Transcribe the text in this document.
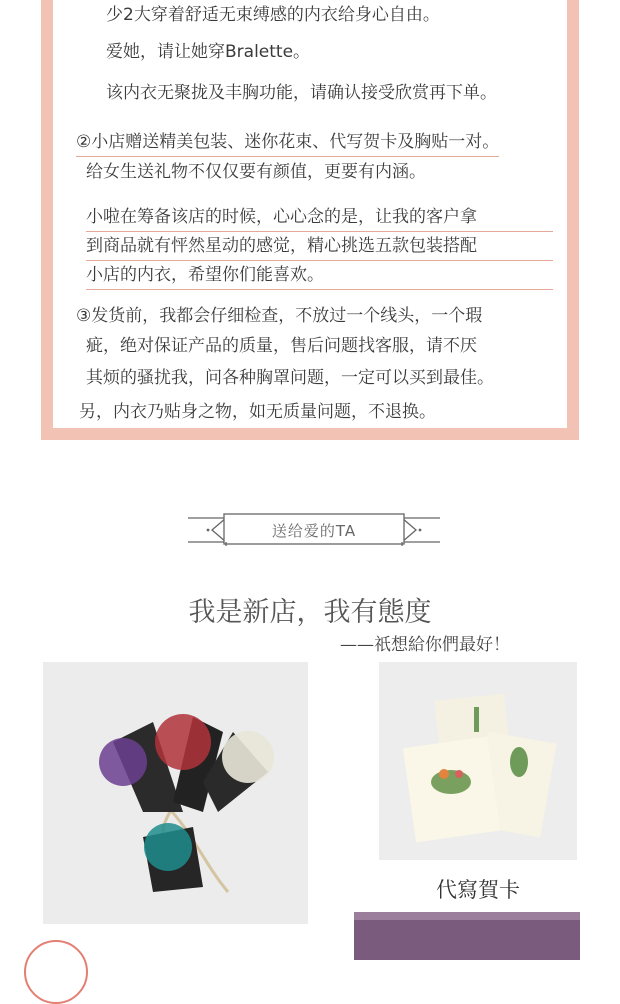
少2大穿着舒适无束缚感的内衣给身心自由。
爱她，请让她穿Bralette。
该内衣无聚拢及丰胸功能，请确认接受欣赏再下单。
②小店赠送精美包装、迷你花束、代写贺卡及胸贴一对。
给女生送礼物不仅仅要有颜值，更要有内涵。
小啦在筹备该店的时候，心心念的是，让我的客户拿
到商品就有怦然星动的感觉，精心挑选五款包装搭配
小店的内衣，希望你们能喜欢。
③发货前，我都会仔细检查，不放过一个线头，一个瑕
疵，绝对保证产品的质量，售后问题找客服，请不厌
其烦的骚扰我，问各种胸罩问题，一定可以买到最佳。
另，内衣乃贴身之物，如无质量问题，不退换。
送给爱的TA
我是新店，我有態度
——祇想給你們最好！
代寫賀卡
